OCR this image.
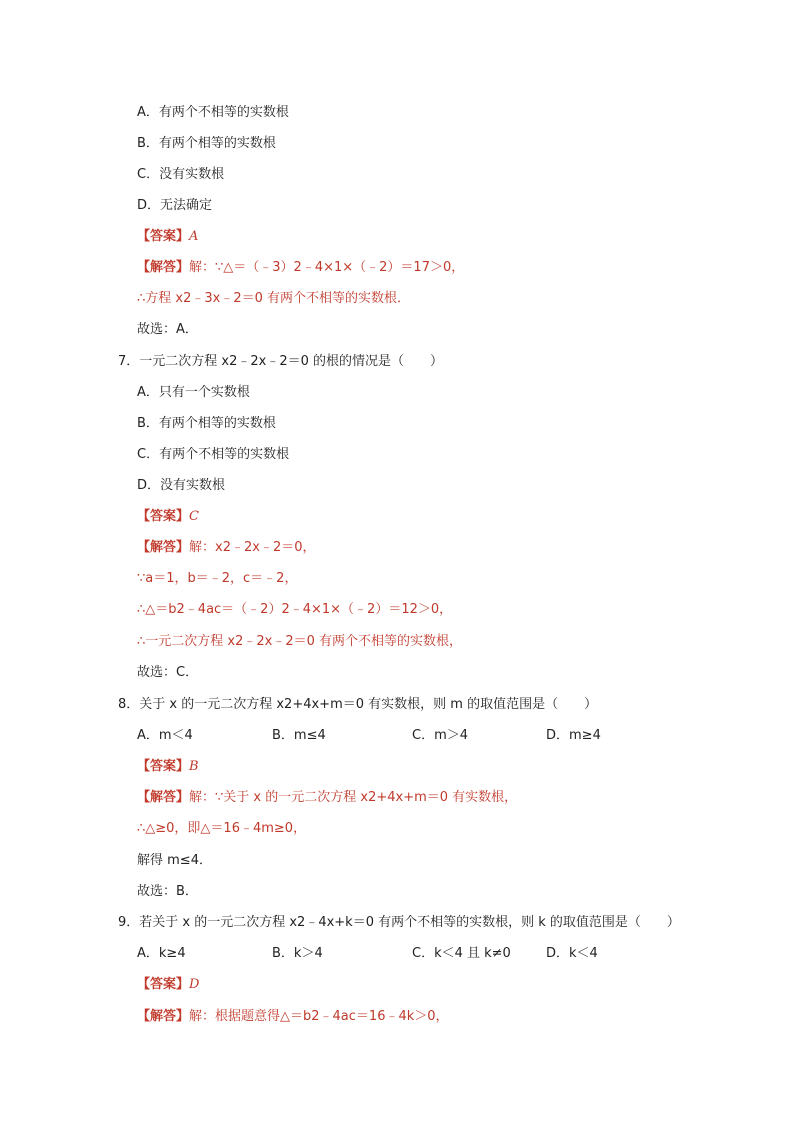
A．有两个不相等的实数根
B．有两个相等的实数根
C．没有实数根
D．无法确定
【答案】A
【解答】解：∵△＝（﹣3）2﹣4×1×（﹣2）＝17＞0，
∴方程 x2﹣3x﹣2＝0 有两个不相等的实数根．
故选：A．
7．一元二次方程 x2﹣2x﹣2＝0 的根的情况是（　　）
A．只有一个实数根
B．有两个相等的实数根
C．有两个不相等的实数根
D．没有实数根
【答案】C
【解答】解：x2﹣2x﹣2＝0，
∵a＝1，b＝﹣2，c＝﹣2，
∴△＝b2﹣4ac＝（﹣2）2﹣4×1×（﹣2）＝12＞0，
∴一元二次方程 x2﹣2x﹣2＝0 有两个不相等的实数根，
故选：C．
8．关于 x 的一元二次方程 x2+4x+m＝0 有实数根，则 m 的取值范围是（　　）
A．m＜4	B．m≤4	C．m＞4	D．m≥4
【答案】B
【解答】解：∵关于 x 的一元二次方程 x2+4x+m＝0 有实数根，
∴△≥0，即△＝16﹣4m≥0，
解得 m≤4．
故选：B．
9．若关于 x 的一元二次方程 x2﹣4x+k＝0 有两个不相等的实数根，则 k 的取值范围是（　　）
A．k≥4	B．k＞4	C．k＜4 且 k≠0	D．k＜4
【答案】D
【解答】解：根据题意得△＝b2﹣4ac＝16﹣4k＞0，
